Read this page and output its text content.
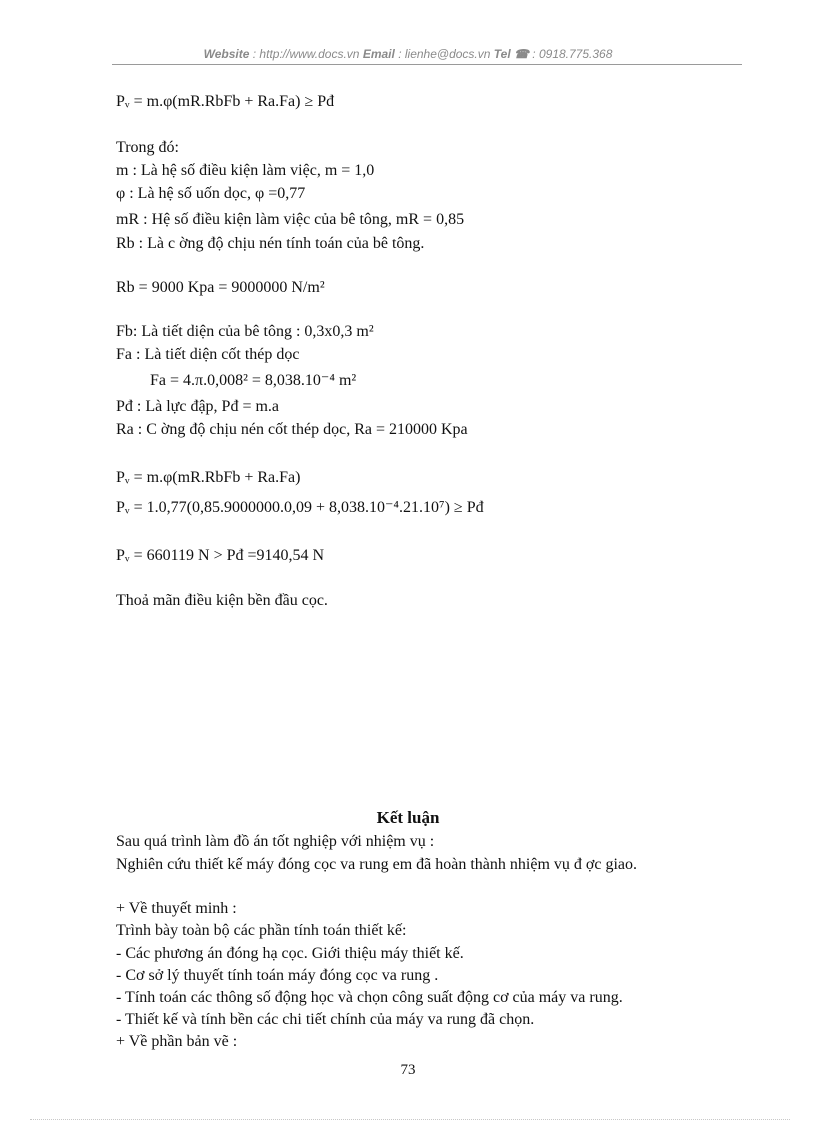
Website : http://www.docs.vn Email : lienhe@docs.vn Tel ☎ : 0918.775.368
Pᵥ = m.φ(mR.RbFb + Ra.Fa) ≥ Pđ
Trong đó:
m : Là hệ số điều kiện làm việc, m = 1,0
φ : Là hệ số uốn dọc, φ =0,77
mR : Hệ số điều kiện làm việc của bê tông, mR = 0,85
Rb : Là c ờng độ chịu nén tính toán của bê tông.
Rb = 9000 Kpa = 9000000 N/m²
Fb: Là tiết diện của bê tông : 0,3x0,3 m²
Fa : Là tiết diện cốt thép dọc
Fa = 4.π.0,008² = 8,038.10⁻⁴ m²
Pđ : Là lực đập, Pđ = m.a
Ra : C ờng độ chịu nén cốt thép dọc, Ra = 210000 Kpa
Pᵥ = m.φ(mR.RbFb + Ra.Fa)
Pᵥ = 1.0,77(0,85.9000000.0,09 + 8,038.10⁻⁴.21.10⁷) ≥ Pđ
Pᵥ = 660119 N > Pđ =9140,54 N
Thoả mãn điều kiện bền đầu cọc.
Kết luận
Sau quá trình làm đồ án tốt nghiệp với nhiệm vụ :
Nghiên cứu thiết kế máy đóng cọc va rung em đã hoàn thành nhiệm vụ đ ợc giao.
+ Về thuyết minh :
Trình bày toàn bộ các phần tính toán thiết kế:
- Các phương án đóng hạ cọc. Giới thiệu máy thiết kế.
- Cơ sở lý thuyết tính toán máy đóng cọc va rung .
- Tính toán các thông số động học và chọn công suất động cơ của máy va rung.
- Thiết kế và tính bền các chi tiết chính của máy va rung đã chọn.
+ Về phần bản vẽ :
73
